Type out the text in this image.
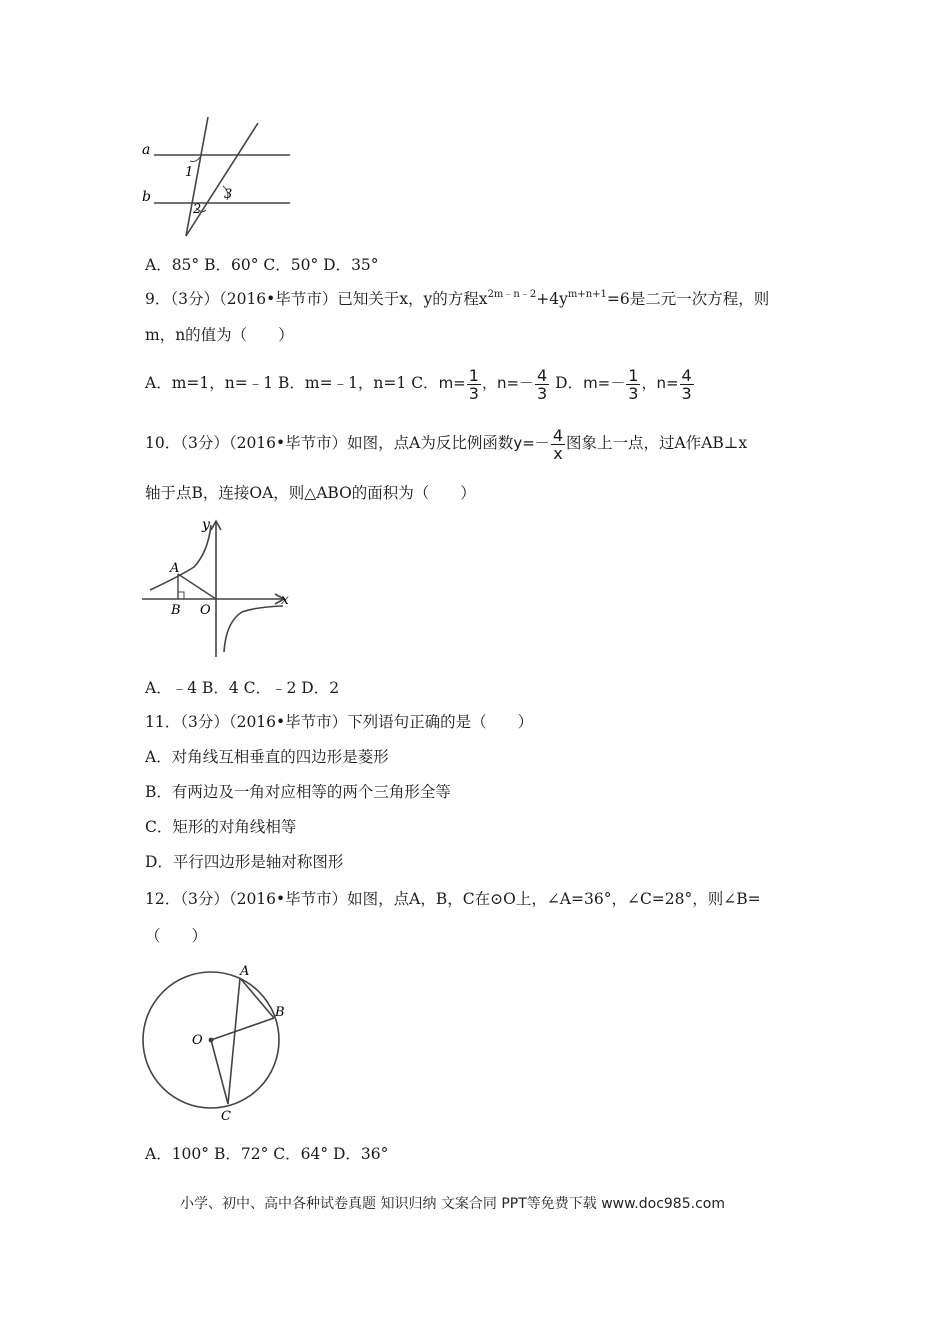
a
b
1
2
3
A．85° B．60° C．50° D．35°
9．（3分）（2016•毕节市）已知关于x，y的方程$x^{2m﹣n﹣2}+4y^{m+n+1}=6$是二元一次方程，则
m，n的值为（　　）
A．m=1，n=﹣1 B．m=﹣1，n=1 C．$m= \frac{1}{3}$ ，$n=- \frac{4}{3}$ D．$m=- \frac{1}{3}$ ，$n= \frac{4}{3}$
10．（3分）（2016•毕节市）如图，点A为反比例函数$y=- \frac{4}{x}$ 图象上一点，过A作AB⊥x
轴于点B，连接OA，则△ABO的面积为（　　）
y
x
A
B O
A．﹣4 B．4 C．﹣2 D．2
11．（3分）（2016•毕节市）下列语句正确的是（　　）
A．对角线互相垂直的四边形是菱形
B．有两边及一角对应相等的两个三角形全等
C．矩形的对角线相等
D．平行四边形是轴对称图形
12．（3分）（2016•毕节市）如图，点A，B，C在⊙O上，∠A=36°，∠C=28°，则∠B=
（　　）
A
B
O
C
A．100° B．72° C．64° D．36°
小学、初中、高中各种试卷真题 知识归纳 文案合同 PPT等免费下载 www.doc985.com
